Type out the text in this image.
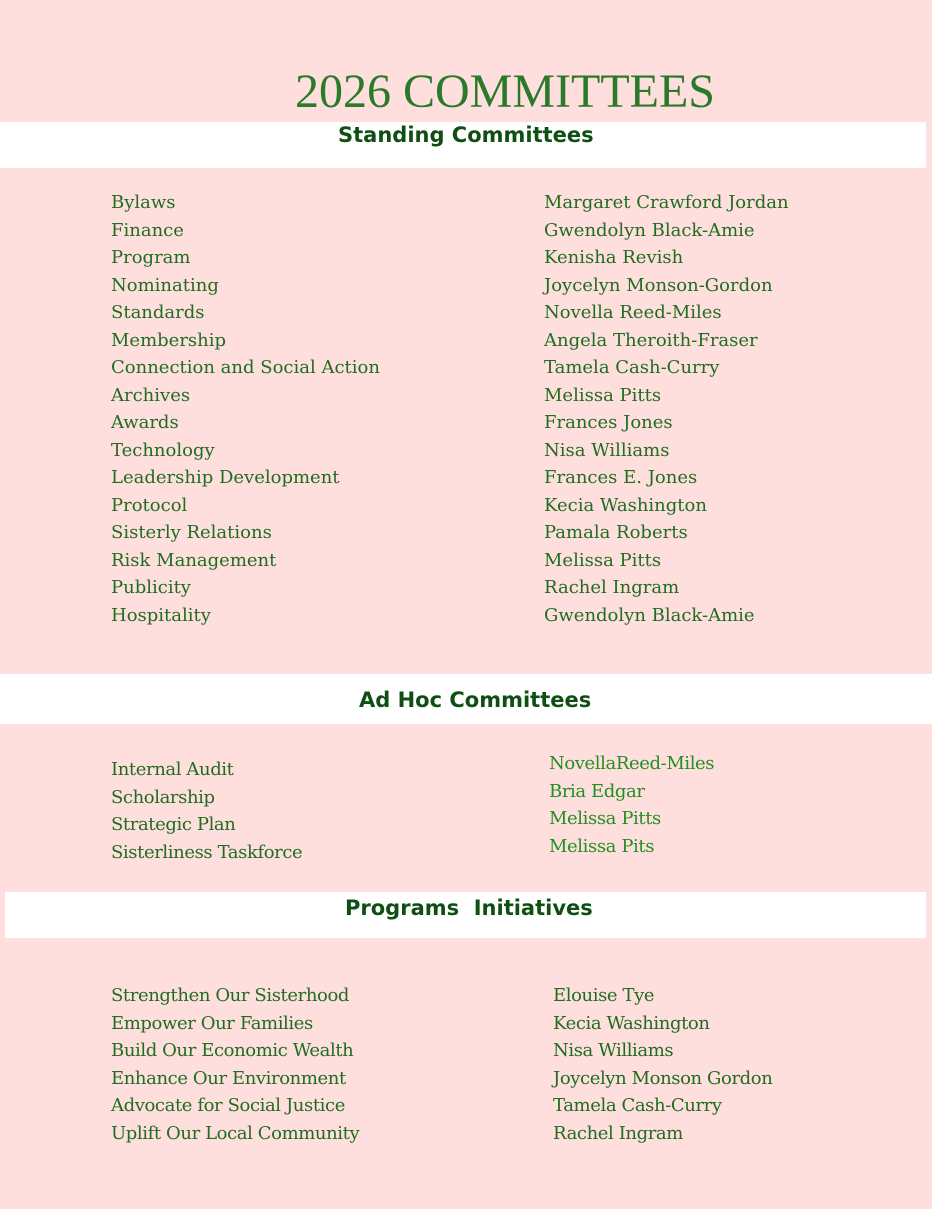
2026 COMMITTEES
Standing Committees
Bylaws
Finance
Program
Nominating
Standards
Membership
Connection and Social Action
Archives
Awards
Technology
Leadership Development
Protocol
Sisterly Relations
Risk Management
Publicity
Hospitality
Margaret Crawford Jordan
Gwendolyn Black-Amie
Kenisha Revish
Joycelyn Monson-Gordon
Novella Reed-Miles
Angela Theroith-Fraser
Tamela Cash-Curry
Melissa Pitts
Frances Jones
Nisa Williams
Frances E. Jones
Kecia Washington
Pamala Roberts
Melissa Pitts
Rachel Ingram
Gwendolyn Black-Amie
Ad Hoc Committees
Internal Audit
Scholarship
Strategic Plan
Sisterliness Taskforce
NovellaReed-Miles
Bria Edgar
Melissa Pitts
Melissa Pits
Programs  Initiatives
Strengthen Our Sisterhood
Empower Our Families
Build Our Economic Wealth
Enhance Our Environment
Advocate for Social Justice
Uplift Our Local Community
Elouise Tye
Kecia Washington
Nisa Williams
Joycelyn Monson Gordon
Tamela Cash-Curry
Rachel Ingram
